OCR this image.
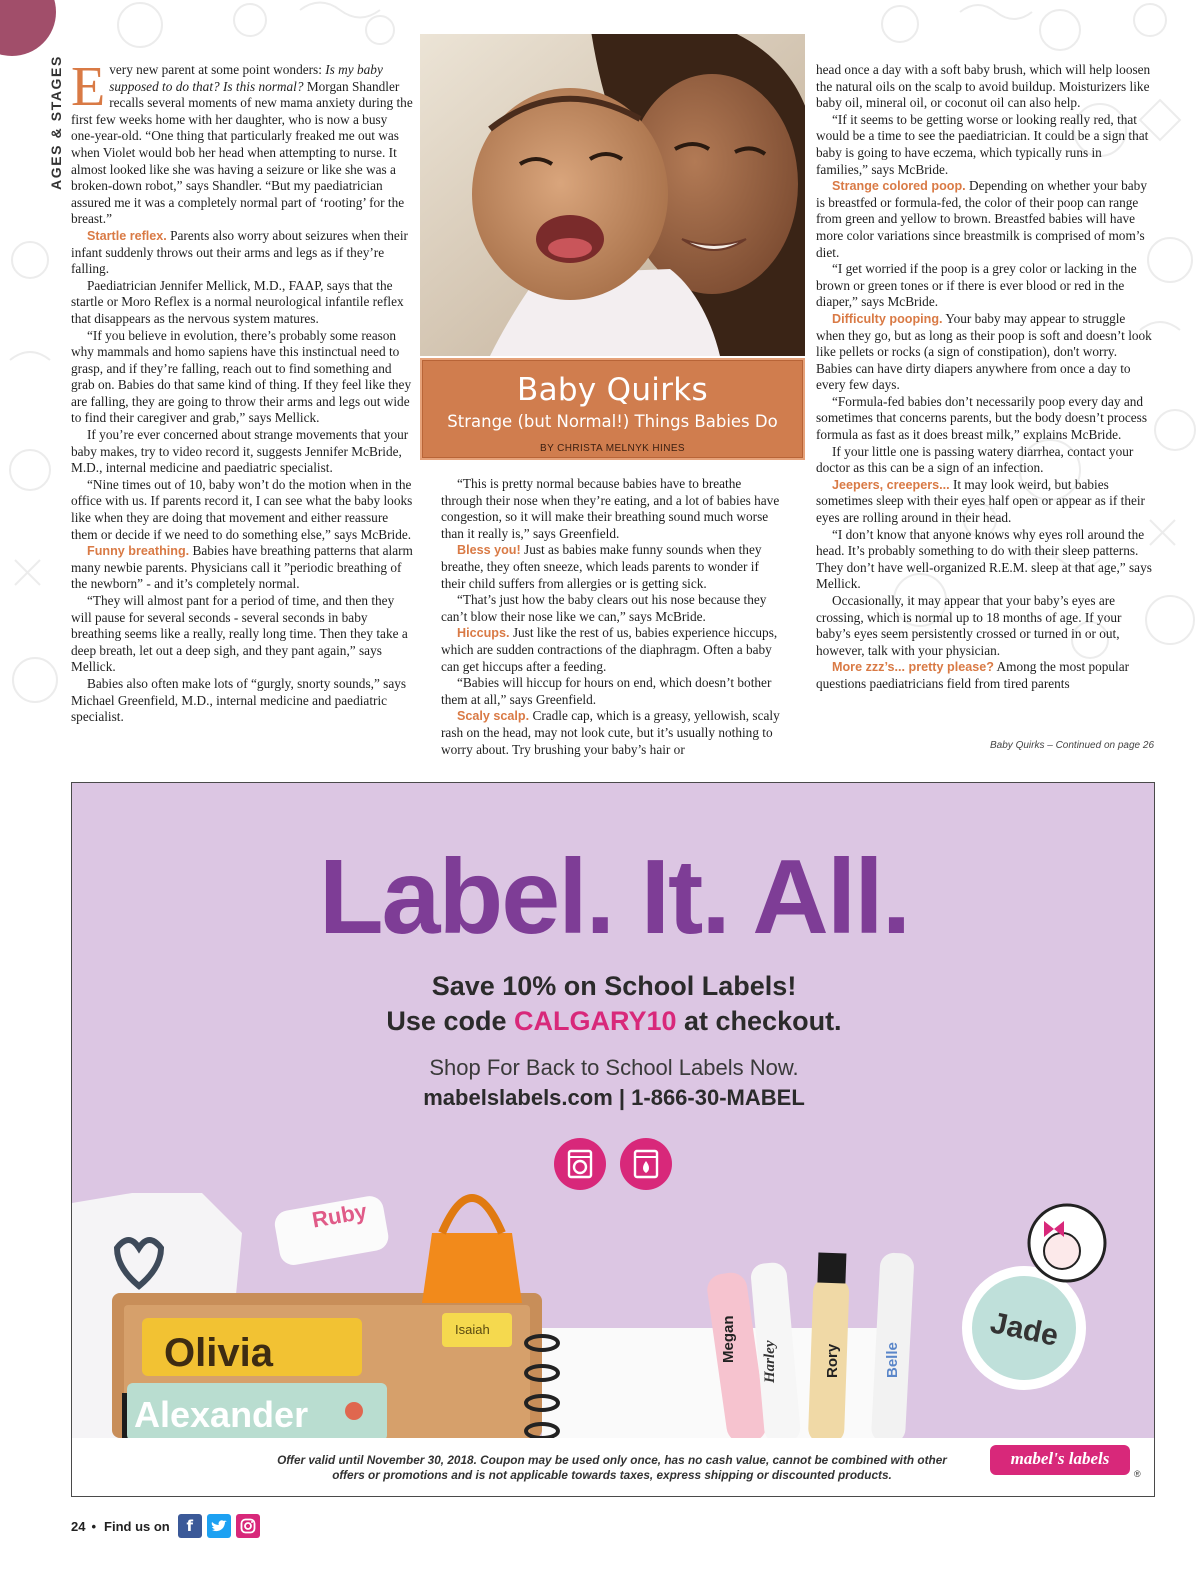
AGES & STAGES
Baby Quirks
Strange (but Normal!) Things Babies Do
BY CHRISTA MELNYK HINES

Every new parent at some point wonders: Is my baby supposed to do that? Is this normal? Morgan Shandler recalls several moments of new mama anxiety during the first few weeks home with her daughter, who is now a busy one-year-old. “One thing that particularly freaked me out was when Violet would bob her head when attempting to nurse. It almost looked like she was having a seizure or like she was a broken-down robot,” says Shandler. “But my paediatrician assured me it was a completely normal part of ‘rooting’ for the breast.”

Startle reflex. Parents also worry about seizures when their infant suddenly throws out their arms and legs as if they’re falling.

Paediatrician Jennifer Mellick, M.D., FAAP, says that the startle or Moro Reflex is a normal neurological infantile reflex that disappears as the nervous system matures.

“If you believe in evolution, there’s probably some reason why mammals and homo sapiens have this instinctual need to grasp, and if they’re falling, reach out to find something and grab on. Babies do that same kind of thing. If they feel like they are falling, they are going to throw their arms and legs out wide to find their caregiver and grab,” says Mellick.

If you’re ever concerned about strange movements that your baby makes, try to video record it, suggests Jennifer McBride, M.D., internal medicine and paediatric specialist.

“Nine times out of 10, baby won’t do the motion when in the office with us. If parents record it, I can see what the baby looks like when they are doing that movement and either reassure them or decide if we need to do something else,” says McBride.

Funny breathing. Babies have breathing patterns that alarm many newbie parents. Physicians call it ”periodic breathing of the newborn” - and it’s completely normal.

“They will almost pant for a period of time, and then they will pause for several seconds - several seconds in baby breathing seems like a really, really long time. Then they take a deep breath, let out a deep sigh, and they pant again,” says Mellick.

Babies also often make lots of “gurgly, snorty sounds,” says Michael Greenfield, M.D., internal medicine and paediatric specialist.

“This is pretty normal because babies have to breathe through their nose when they’re eating, and a lot of babies have congestion, so it will make their breathing sound much worse than it really is,” says Greenfield.

Bless you! Just as babies make funny sounds when they breathe, they often sneeze, which leads parents to wonder if their child suffers from allergies or is getting sick.

“That’s just how the baby clears out his nose because they can’t blow their nose like we can,” says McBride.

Hiccups. Just like the rest of us, babies experience hiccups, which are sudden contractions of the diaphragm. Often a baby can get hiccups after a feeding.

“Babies will hiccup for hours on end, which doesn’t bother them at all,” says Greenfield.

Scaly scalp. Cradle cap, which is a greasy, yellowish, scaly rash on the head, may not look cute, but it’s usually nothing to worry about. Try brushing your baby’s hair or

head once a day with a soft baby brush, which will help loosen the natural oils on the scalp to avoid buildup. Moisturizers like baby oil, mineral oil, or coconut oil can also help.

“If it seems to be getting worse or looking really red, that would be a time to see the paediatrician. It could be a sign that baby is going to have eczema, which typically runs in families,” says McBride.

Strange colored poop. Depending on whether your baby is breastfed or formula-fed, the color of their poop can range from green and yellow to brown. Breastfed babies will have more color variations since breastmilk is comprised of mom’s diet.

“I get worried if the poop is a grey color or lacking in the brown or green tones or if there is ever blood or red in the diaper,” says McBride.

Difficulty pooping. Your baby may appear to struggle when they go, but as long as their poop is soft and doesn’t look like pellets or rocks (a sign of constipation), don't worry. Babies can have dirty diapers anywhere from once a day to every few days.

“Formula-fed babies don’t necessarily poop every day and sometimes that concerns parents, but the body doesn’t process formula as fast as it does breast milk,” explains McBride.

If your little one is passing watery diarrhea, contact your doctor as this can be a sign of an infection.

Jeepers, creepers... It may look weird, but babies sometimes sleep with their eyes half open or appear as if their eyes are rolling around in their head.

“I don’t know that anyone knows why eyes roll around the head. It’s probably something to do with their sleep patterns. They don’t have well-organized R.E.M. sleep at that age,” says Mellick.

Occasionally, it may appear that your baby’s eyes are crossing, which is normal up to 18 months of age. If your baby’s eyes seem persistently crossed or turned in or out, however, talk with your physician.

More zzz’s... pretty please? Among the most popular questions paediatricians field from tired parents

Baby Quirks – Continued on page 26
Label. It. All.
Save 10% on School Labels!
Use code CALGARY10 at checkout.
Shop For Back to School Labels Now.
mabelslabels.com | 1-866-30-MABEL
Ruby
Olivia
Isaiah
Alexander
Megan Harley	Rory	Belle
Jade
Offer valid until November 30, 2018. Coupon may be used only once, has no cash value, cannot be combined with other offers or promotions and is not applicable towards taxes, express shipping or discounted products.
mabel's labels
®
24 • Find us on	f
